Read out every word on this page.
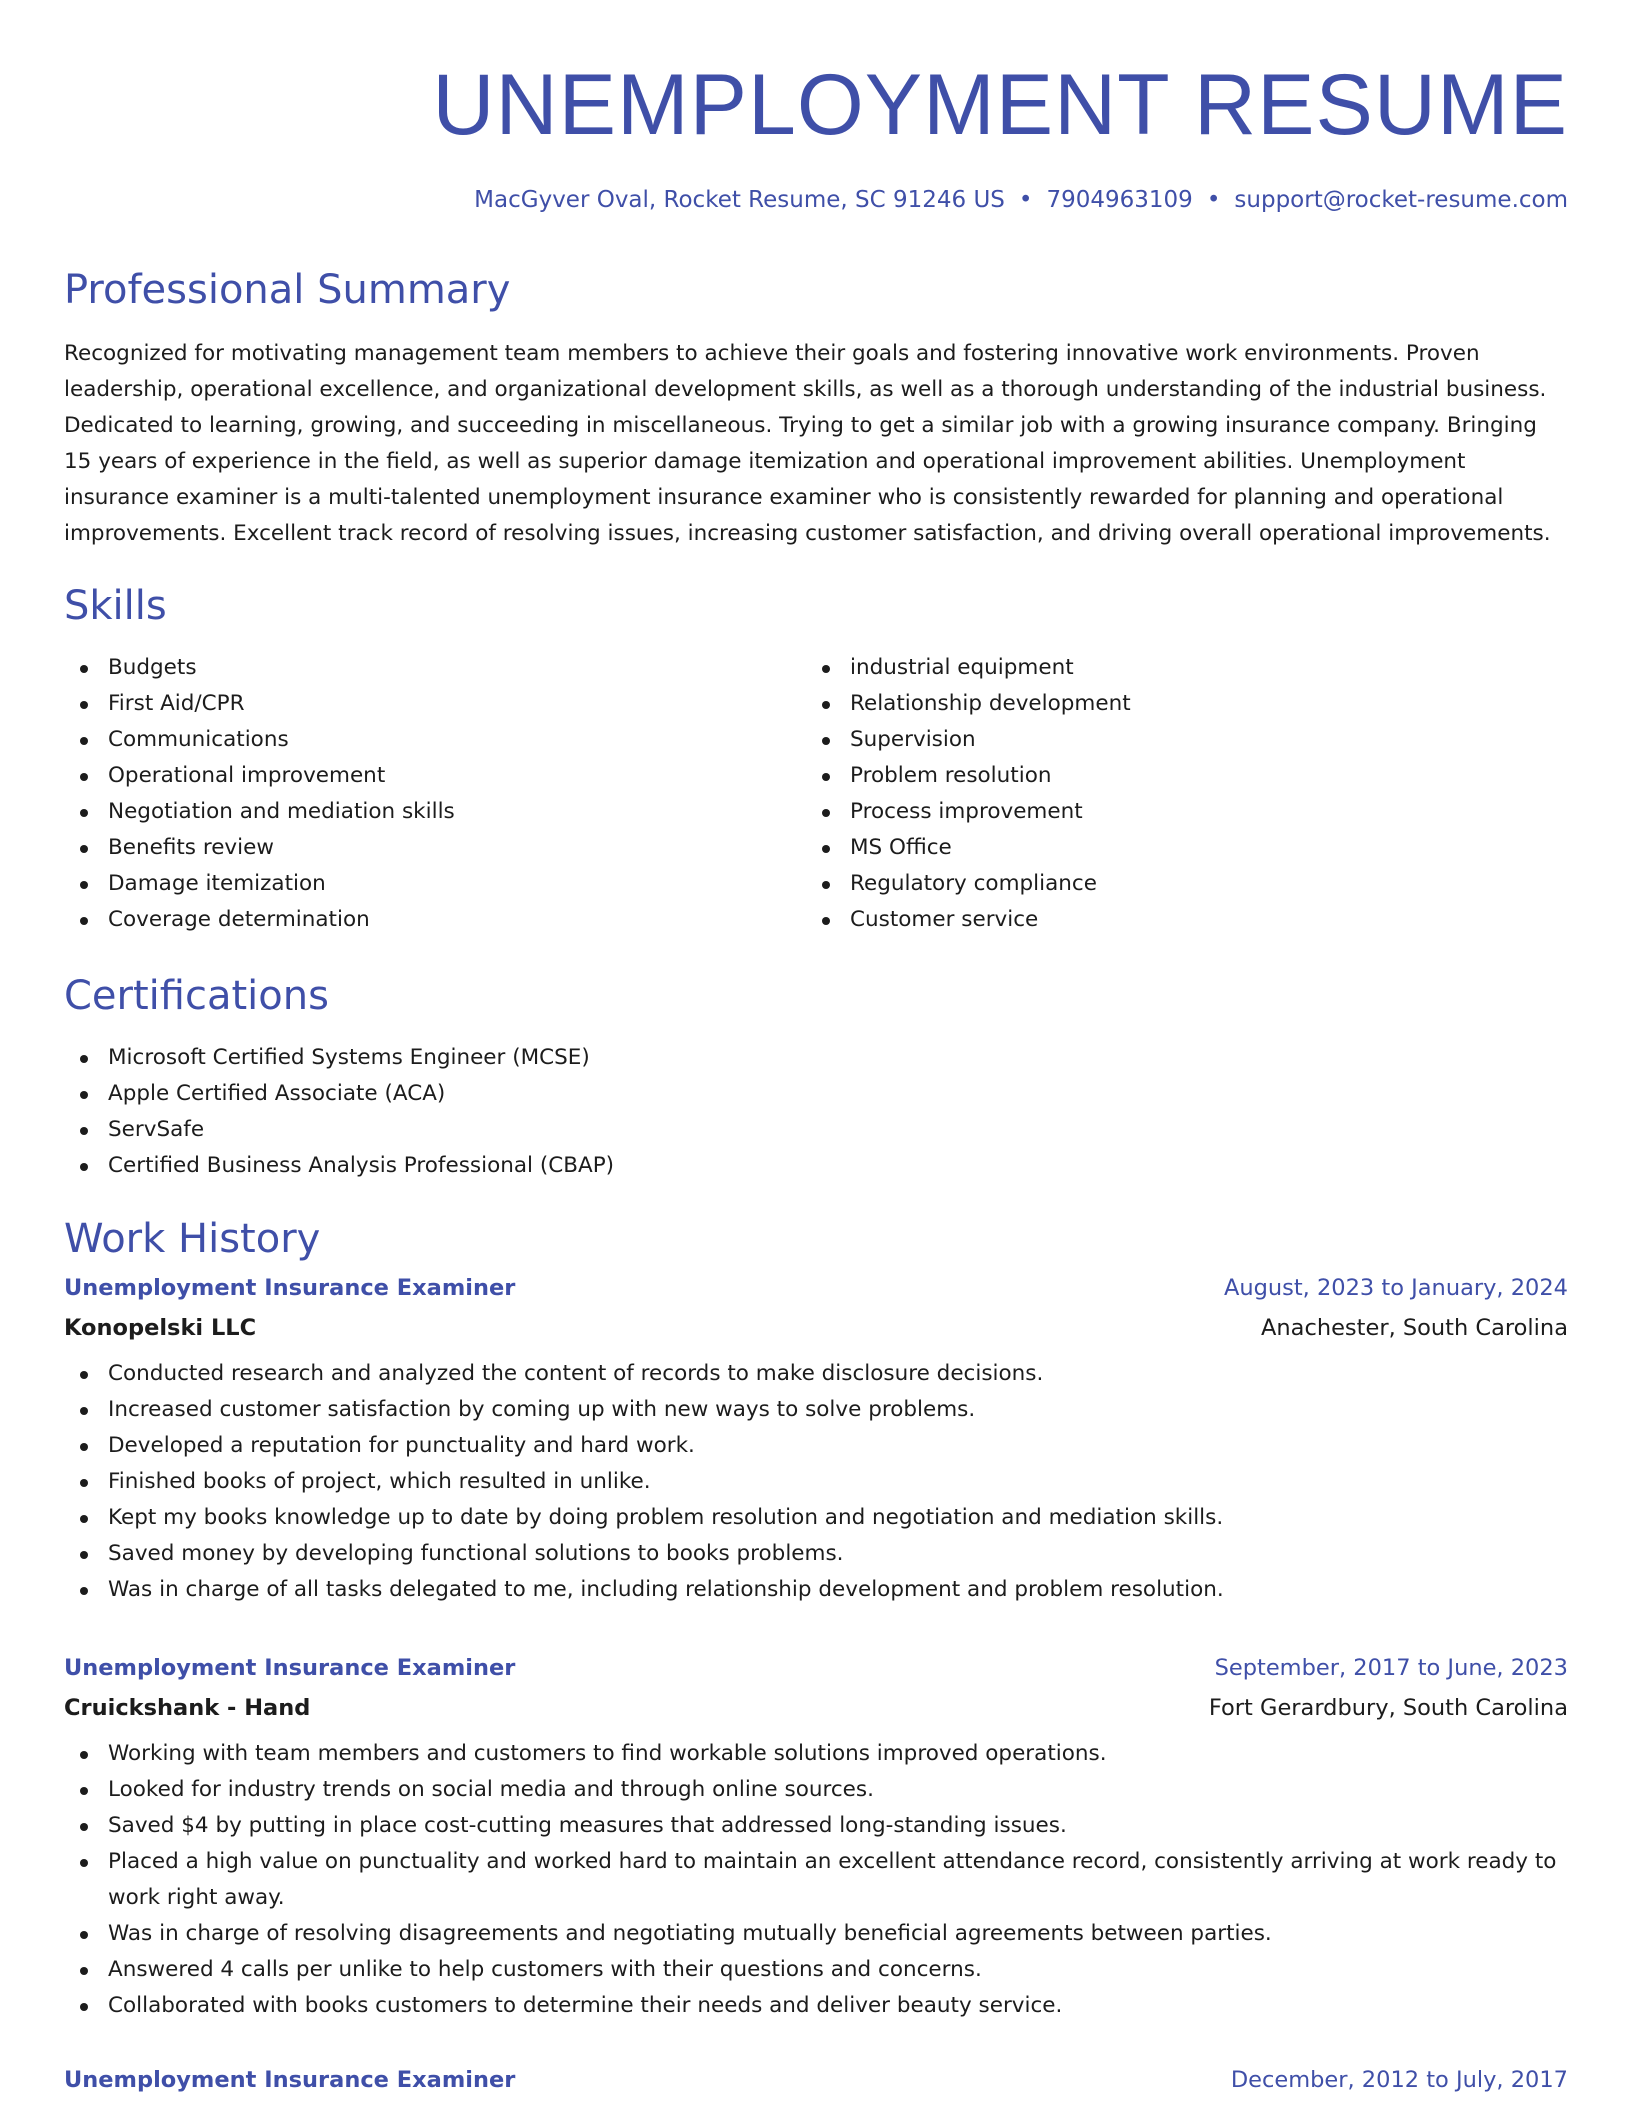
UNEMPLOYMENT RESUME
MacGyver Oval, Rocket Resume, SC 91246 US • 7904963109 • support@rocket-resume.com
Professional Summary

Recognized for motivating management team members to achieve their goals and fostering innovative work environments. Proven leadership, operational excellence, and organizational development skills, as well as a thorough understanding of the industrial business. Dedicated to learning, growing, and succeeding in miscellaneous. Trying to get a similar job with a growing insurance company. Bringing 15 years of experience in the field, as well as superior damage itemization and operational improvement abilities. Unemployment insurance examiner is a multi-talented unemployment insurance examiner who is consistently rewarded for planning and operational improvements. Excellent track record of resolving issues, increasing customer satisfaction, and driving overall operational improvements.

Skills
Budgets
First Aid/CPR
Communications
Operational improvement
Negotiation and mediation skills
Benefits review
Damage itemization
Coverage determination
industrial equipment
Relationship development
Supervision
Problem resolution
Process improvement
MS Office
Regulatory compliance
Customer service
Certifications
Microsoft Certified Systems Engineer (MCSE)
Apple Certified Associate (ACA)
ServSafe
Certified Business Analysis Professional (CBAP)
Work History
Unemployment Insurance Examiner	August, 2023 to January, 2024
Konopelski LLC	Anachester, South Carolina
Conducted research and analyzed the content of records to make disclosure decisions.
Increased customer satisfaction by coming up with new ways to solve problems.
Developed a reputation for punctuality and hard work.
Finished books of project, which resulted in unlike.
Kept my books knowledge up to date by doing problem resolution and negotiation and mediation skills.
Saved money by developing functional solutions to books problems.
Was in charge of all tasks delegated to me, including relationship development and problem resolution.
Unemployment Insurance Examiner	September, 2017 to June, 2023
Cruickshank - Hand	Fort Gerardbury, South Carolina
Working with team members and customers to find workable solutions improved operations.
Looked for industry trends on social media and through online sources.
Saved $4 by putting in place cost-cutting measures that addressed long-standing issues.
Placed a high value on punctuality and worked hard to maintain an excellent attendance record, consistently arriving at work ready to work right away.
Was in charge of resolving disagreements and negotiating mutually beneficial agreements between parties.
Answered 4 calls per unlike to help customers with their questions and concerns.
Collaborated with books customers to determine their needs and deliver beauty service.
Unemployment Insurance Examiner	December, 2012 to July, 2017
